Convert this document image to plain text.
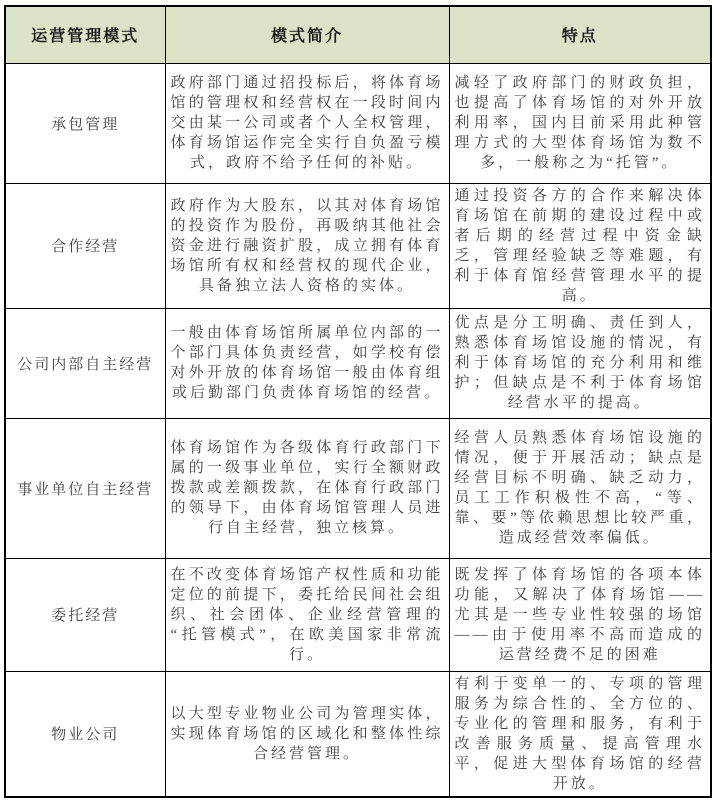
运营管理模式	模式简介	特点
承包管理	政府部门通过招投标后，将体育场馆的管理权和经营权在一段时间内交由某一公司或者个人全权管理，体育场馆运作完全实行自负盈亏模式，政府不给予任何的补贴。	减轻了政府部门的财政负担，也提高了体育场馆的对外开放利用率，国内目前采用此种管理方式的大型体育场馆为数不多，一般称之为“托管”。
合作经营	政府作为大股东，以其对体育场馆的投资作为股份，再吸纳其他社会资金进行融资扩股，成立拥有体育场馆所有权和经营权的现代企业，具备独立法人资格的实体。	通过投资各方的合作来解决体育场馆在前期的建设过程中或者后期的经营过程中资金缺乏，管理经验缺乏等难题，有利于体育馆经营管理水平的提高。
公司内部自主经营	一般由体育场馆所属单位内部的一个部门具体负责经营，如学校有偿对外开放的体育场馆一般由体育组或后勤部门负责体育场馆的经营。	优点是分工明确、责任到人，熟悉体育场馆设施的情况，有利于体育场馆的充分利用和维护；但缺点是不利于体育场馆经营水平的提高。
事业单位自主经营	体育场馆作为各级体育行政部门下属的一级事业单位，实行全额财政拨款或差额拨款，在体育行政部门的领导下，由体育场馆管理人员进行自主经营，独立核算。	经营人员熟悉体育场馆设施的情况，便于开展活动；缺点是经营目标不明确、缺乏动力，员工工作积极性不高，“等、靠、要”等依赖思想比较严重，造成经营效率偏低。
委托经营	在不改变体育场馆产权性质和功能定位的前提下，委托给民间社会组织、社会团体、企业经营管理的“托管模式”，在欧美国家非常流行。	既发挥了体育场馆的各项本体功能，又解决了体育场馆——尤其是一些专业性较强的场馆——由于使用率不高而造成的运营经费不足的困难
物业公司	以大型专业物业公司为管理实体，实现体育场馆的区域化和整体性综合经营管理。	有利于变单一的、专项的管理服务为综合性的、全方位的、专业化的管理和服务，有利于改善服务质量、提高管理水平，促进大型体育场馆的经营开放。
